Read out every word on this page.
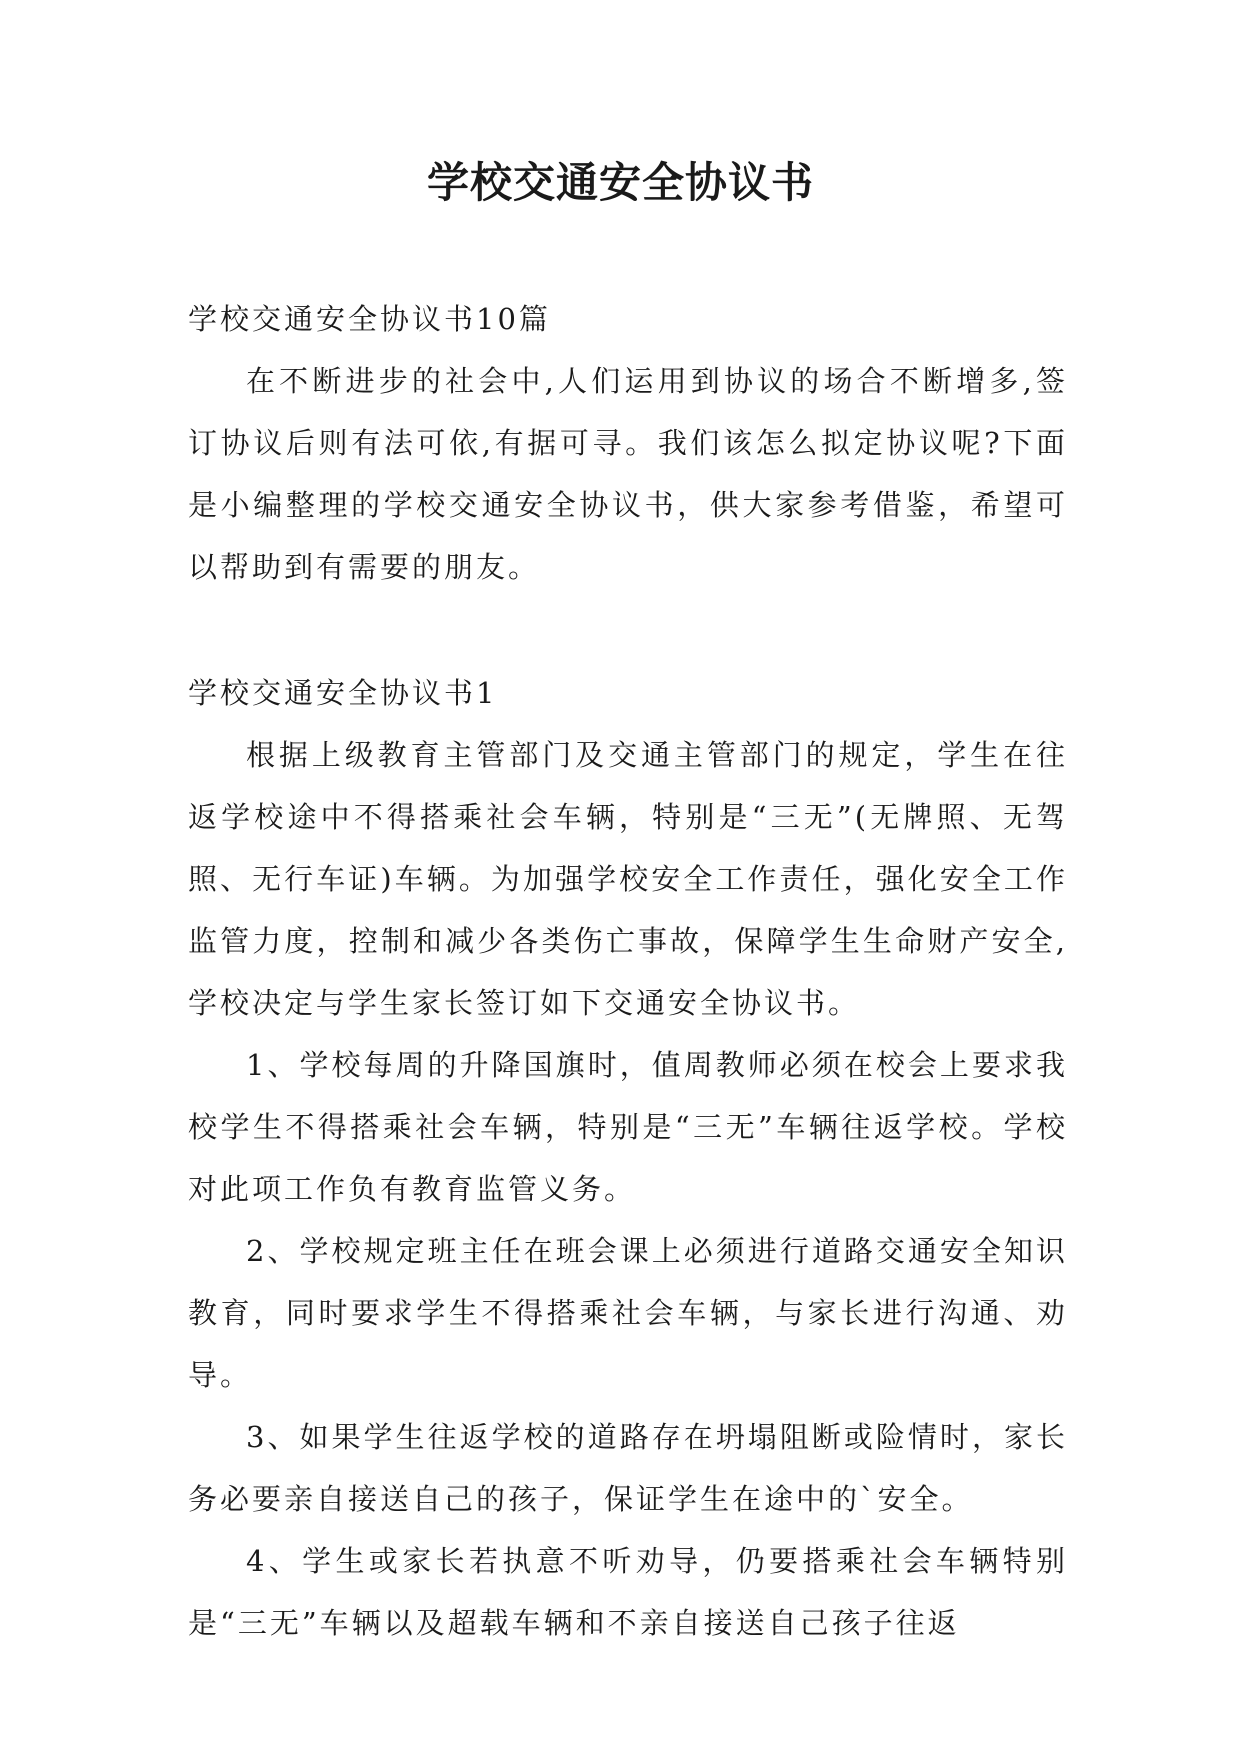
学校交通安全协议书

学校交通安全协议书10篇

在不断进步的社会中,人们运用到协议的场合不断增多,签订协议后则有法可依,有据可寻。我们该怎么拟定协议呢?下面是小编整理的学校交通安全协议书，供大家参考借鉴，希望可以帮助到有需要的朋友。

学校交通安全协议书1

根据上级教育主管部门及交通主管部门的规定，学生在往返学校途中不得搭乘社会车辆，特别是“三无”(无牌照、无驾照、无行车证)车辆。为加强学校安全工作责任，强化安全工作监管力度，控制和减少各类伤亡事故，保障学生生命财产安全,学校决定与学生家长签订如下交通安全协议书。

1、学校每周的升降国旗时，值周教师必须在校会上要求我校学生不得搭乘社会车辆，特别是“三无”车辆往返学校。学校对此项工作负有教育监管义务。

2、学校规定班主任在班会课上必须进行道路交通安全知识教育，同时要求学生不得搭乘社会车辆，与家长进行沟通、劝导。

3、如果学生往返学校的道路存在坍塌阻断或险情时，家长务必要亲自接送自己的孩子，保证学生在途中的`安全。

4、学生或家长若执意不听劝导，仍要搭乘社会车辆特别是“三无”车辆以及超载车辆和不亲自接送自己孩子往返
